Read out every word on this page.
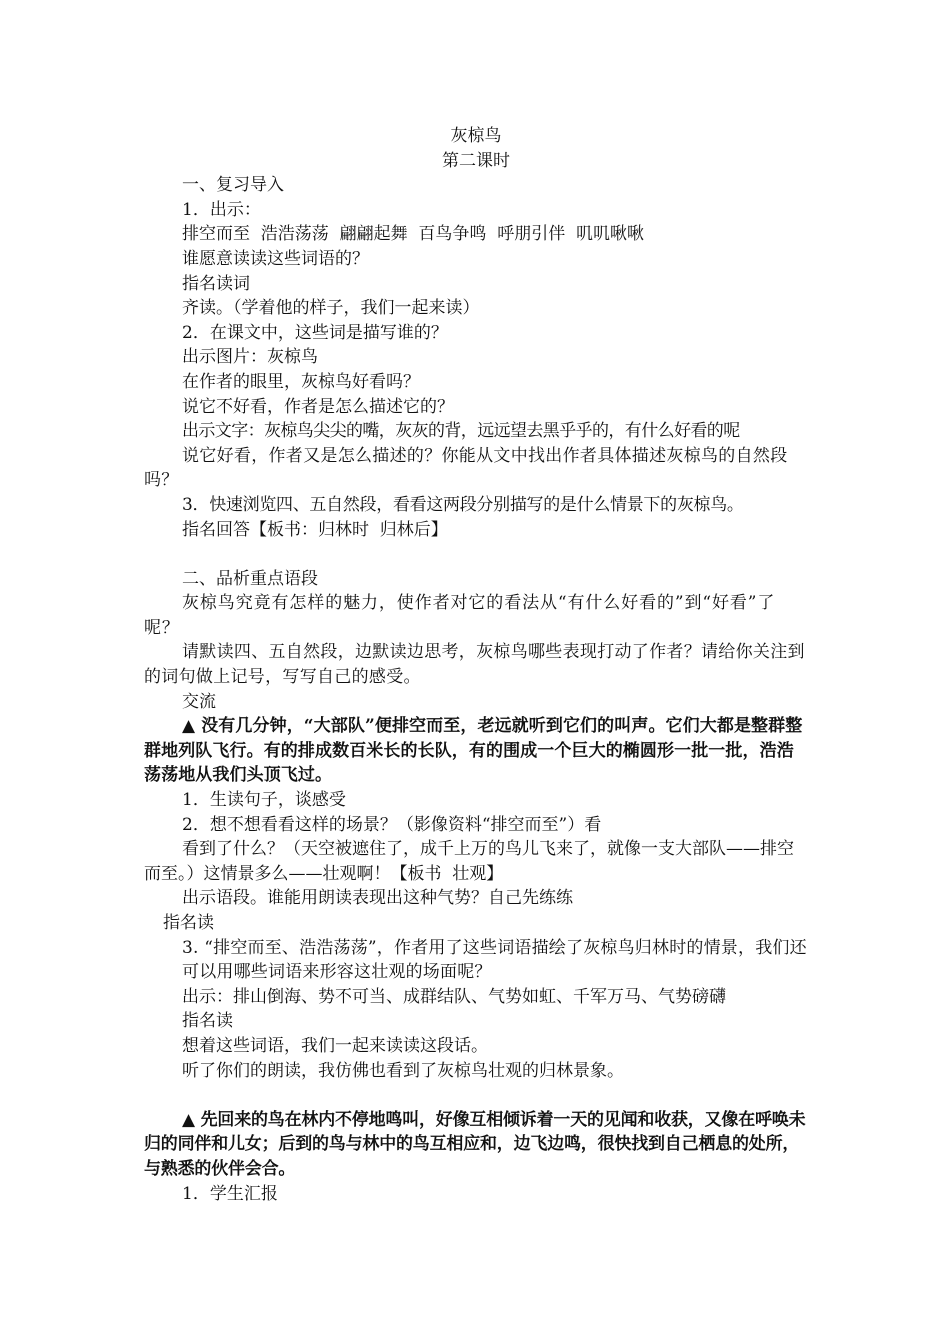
灰椋鸟

第二课时

一、复习导入

1．出示：

排空而至  浩浩荡荡  翩翩起舞  百鸟争鸣  呼朋引伴  叽叽啾啾

谁愿意读读这些词语的？

指名读词

齐读。（学着他的样子，我们一起来读）

2．在课文中，这些词是描写谁的？

出示图片：灰椋鸟

在作者的眼里，灰椋鸟好看吗？

说它不好看，作者是怎么描述它的？

出示文字：灰椋鸟尖尖的嘴，灰灰的背，远远望去黑乎乎的，有什么好看的呢

说它好看，作者又是怎么描述的？你能从文中找出作者具体描述灰椋鸟的自然段吗？

3．快速浏览四、五自然段，看看这两段分别描写的是什么情景下的灰椋鸟。

指名回答【板书：归林时  归林后】

二、品析重点语段

灰椋鸟究竟有怎样的魅力，使作者对它的看法从“有什么好看的”到“好看”了呢？

请默读四、五自然段，边默读边思考，灰椋鸟哪些表现打动了作者？请给你关注到的词句做上记号，写写自己的感受。

交流

▲ 没有几分钟，“大部队”便排空而至，老远就听到它们的叫声。它们大都是整群整群地列队飞行。有的排成数百米长的长队，有的围成一个巨大的椭圆形一批一批，浩浩荡荡地从我们头顶飞过。

1．生读句子，谈感受

2．想不想看看这样的场景？（影像资料“排空而至”）看

看到了什么？（天空被遮住了，成千上万的鸟儿飞来了，就像一支大部队——排空而至。）这情景多么——壮观啊！【板书  壮观】

出示语段。谁能用朗读表现出这种气势？自己先练练

指名读

3. “排空而至、浩浩荡荡”，作者用了这些词语描绘了灰椋鸟归林时的情景，我们还可以用哪些词语来形容这壮观的场面呢？

出示：排山倒海、势不可当、成群结队、气势如虹、千军万马、气势磅礴

指名读

想着这些词语，我们一起来读读这段话。

听了你们的朗读，我仿佛也看到了灰椋鸟壮观的归林景象。

▲ 先回来的鸟在林内不停地鸣叫，好像互相倾诉着一天的见闻和收获，又像在呼唤未归的同伴和儿女；后到的鸟与林中的鸟互相应和，边飞边鸣，很快找到自己栖息的处所，与熟悉的伙伴会合。

1．学生汇报
